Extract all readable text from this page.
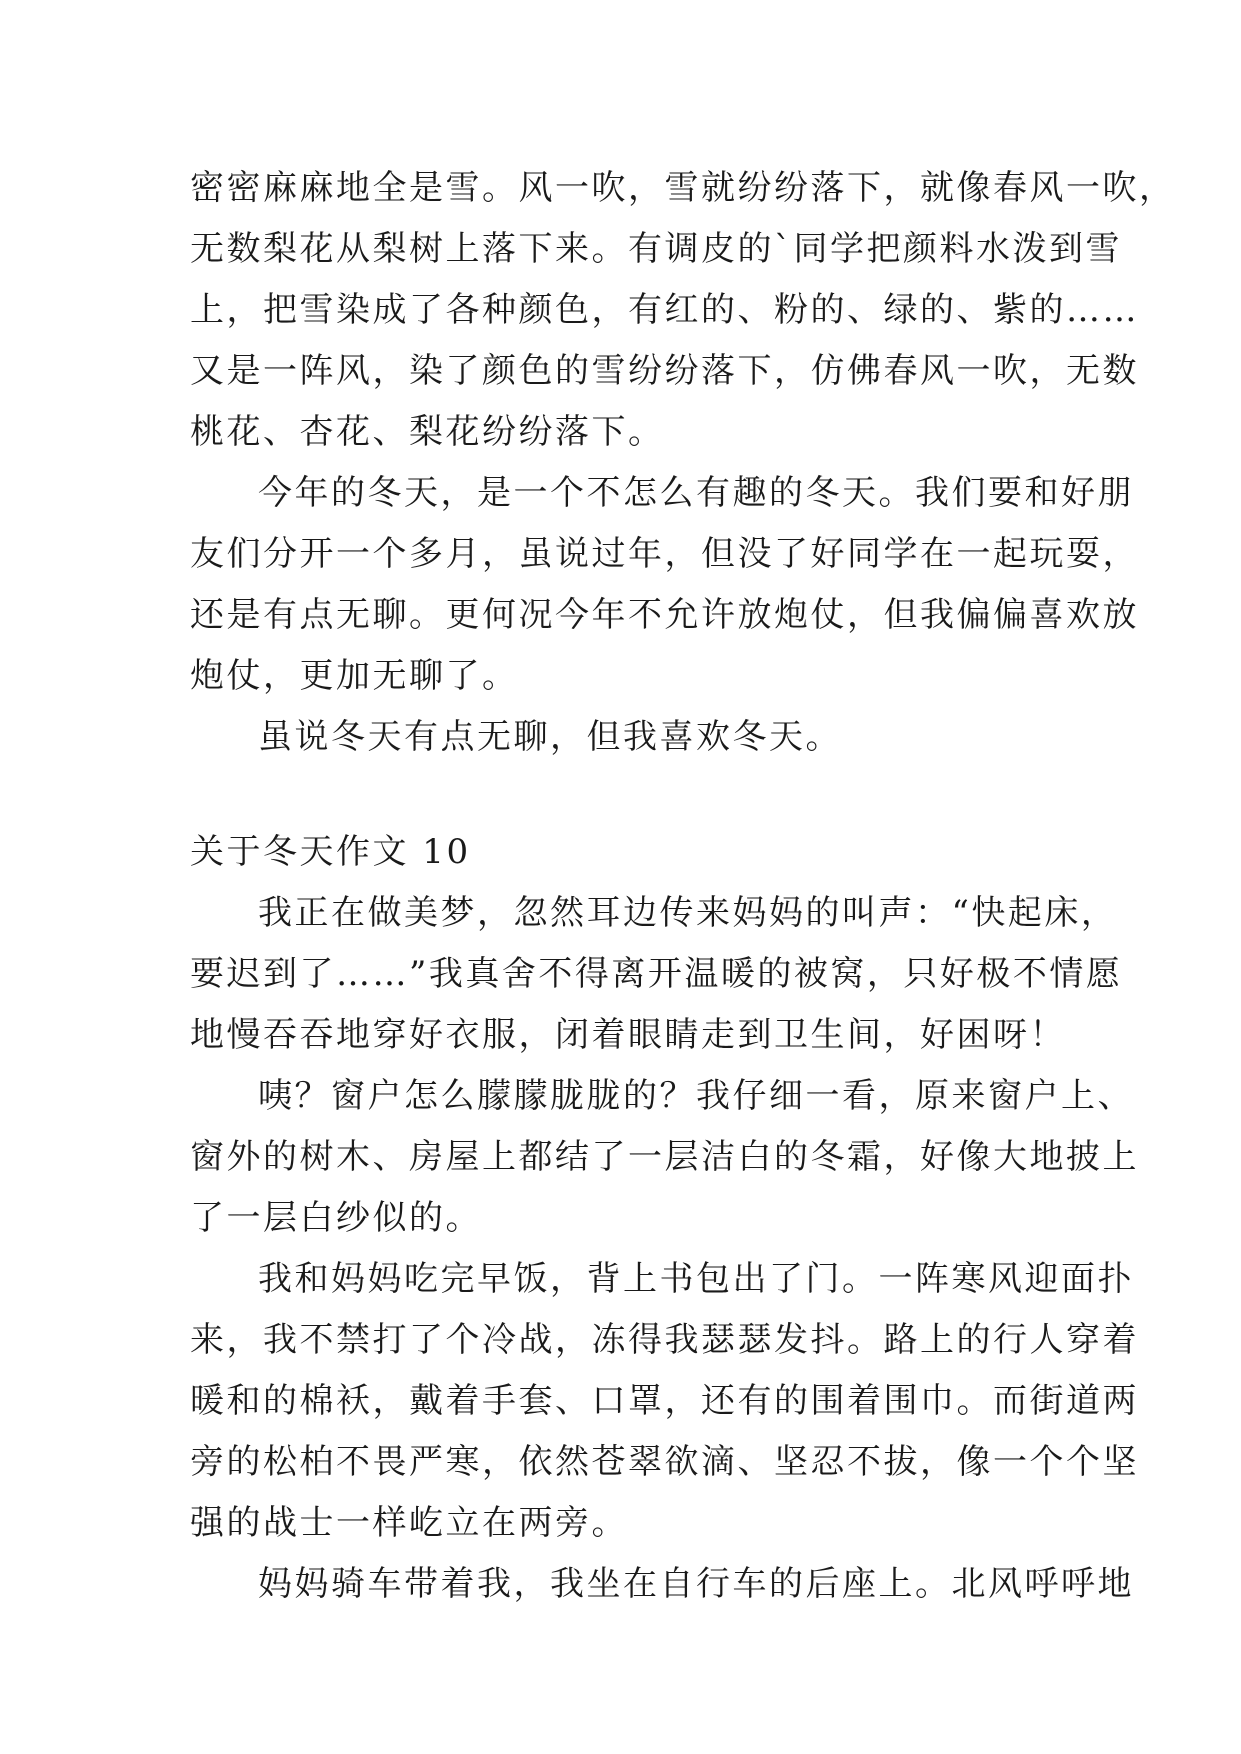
密密麻麻地全是雪。风一吹，雪就纷纷落下，就像春风一吹，
无数梨花从梨树上落下来。有调皮的`同学把颜料水泼到雪
上，把雪染成了各种颜色，有红的、粉的、绿的、紫的……
又是一阵风，染了颜色的雪纷纷落下，仿佛春风一吹，无数
桃花、杏花、梨花纷纷落下。

今年的冬天，是一个不怎么有趣的冬天。我们要和好朋
友们分开一个多月，虽说过年，但没了好同学在一起玩耍，
还是有点无聊。更何况今年不允许放炮仗，但我偏偏喜欢放
炮仗，更加无聊了。

虽说冬天有点无聊，但我喜欢冬天。

关于冬天作文 10

我正在做美梦，忽然耳边传来妈妈的叫声：“快起床，
要迟到了……”我真舍不得离开温暖的被窝，只好极不情愿
地慢吞吞地穿好衣服，闭着眼睛走到卫生间，好困呀！

咦？窗户怎么朦朦胧胧的？我仔细一看，原来窗户上、
窗外的树木、房屋上都结了一层洁白的冬霜，好像大地披上
了一层白纱似的。

我和妈妈吃完早饭，背上书包出了门。一阵寒风迎面扑
来，我不禁打了个冷战，冻得我瑟瑟发抖。路上的行人穿着
暖和的棉袄，戴着手套、口罩，还有的围着围巾。而街道两
旁的松柏不畏严寒，依然苍翠欲滴、坚忍不拔，像一个个坚
强的战士一样屹立在两旁。

妈妈骑车带着我，我坐在自行车的后座上。北风呼呼地
